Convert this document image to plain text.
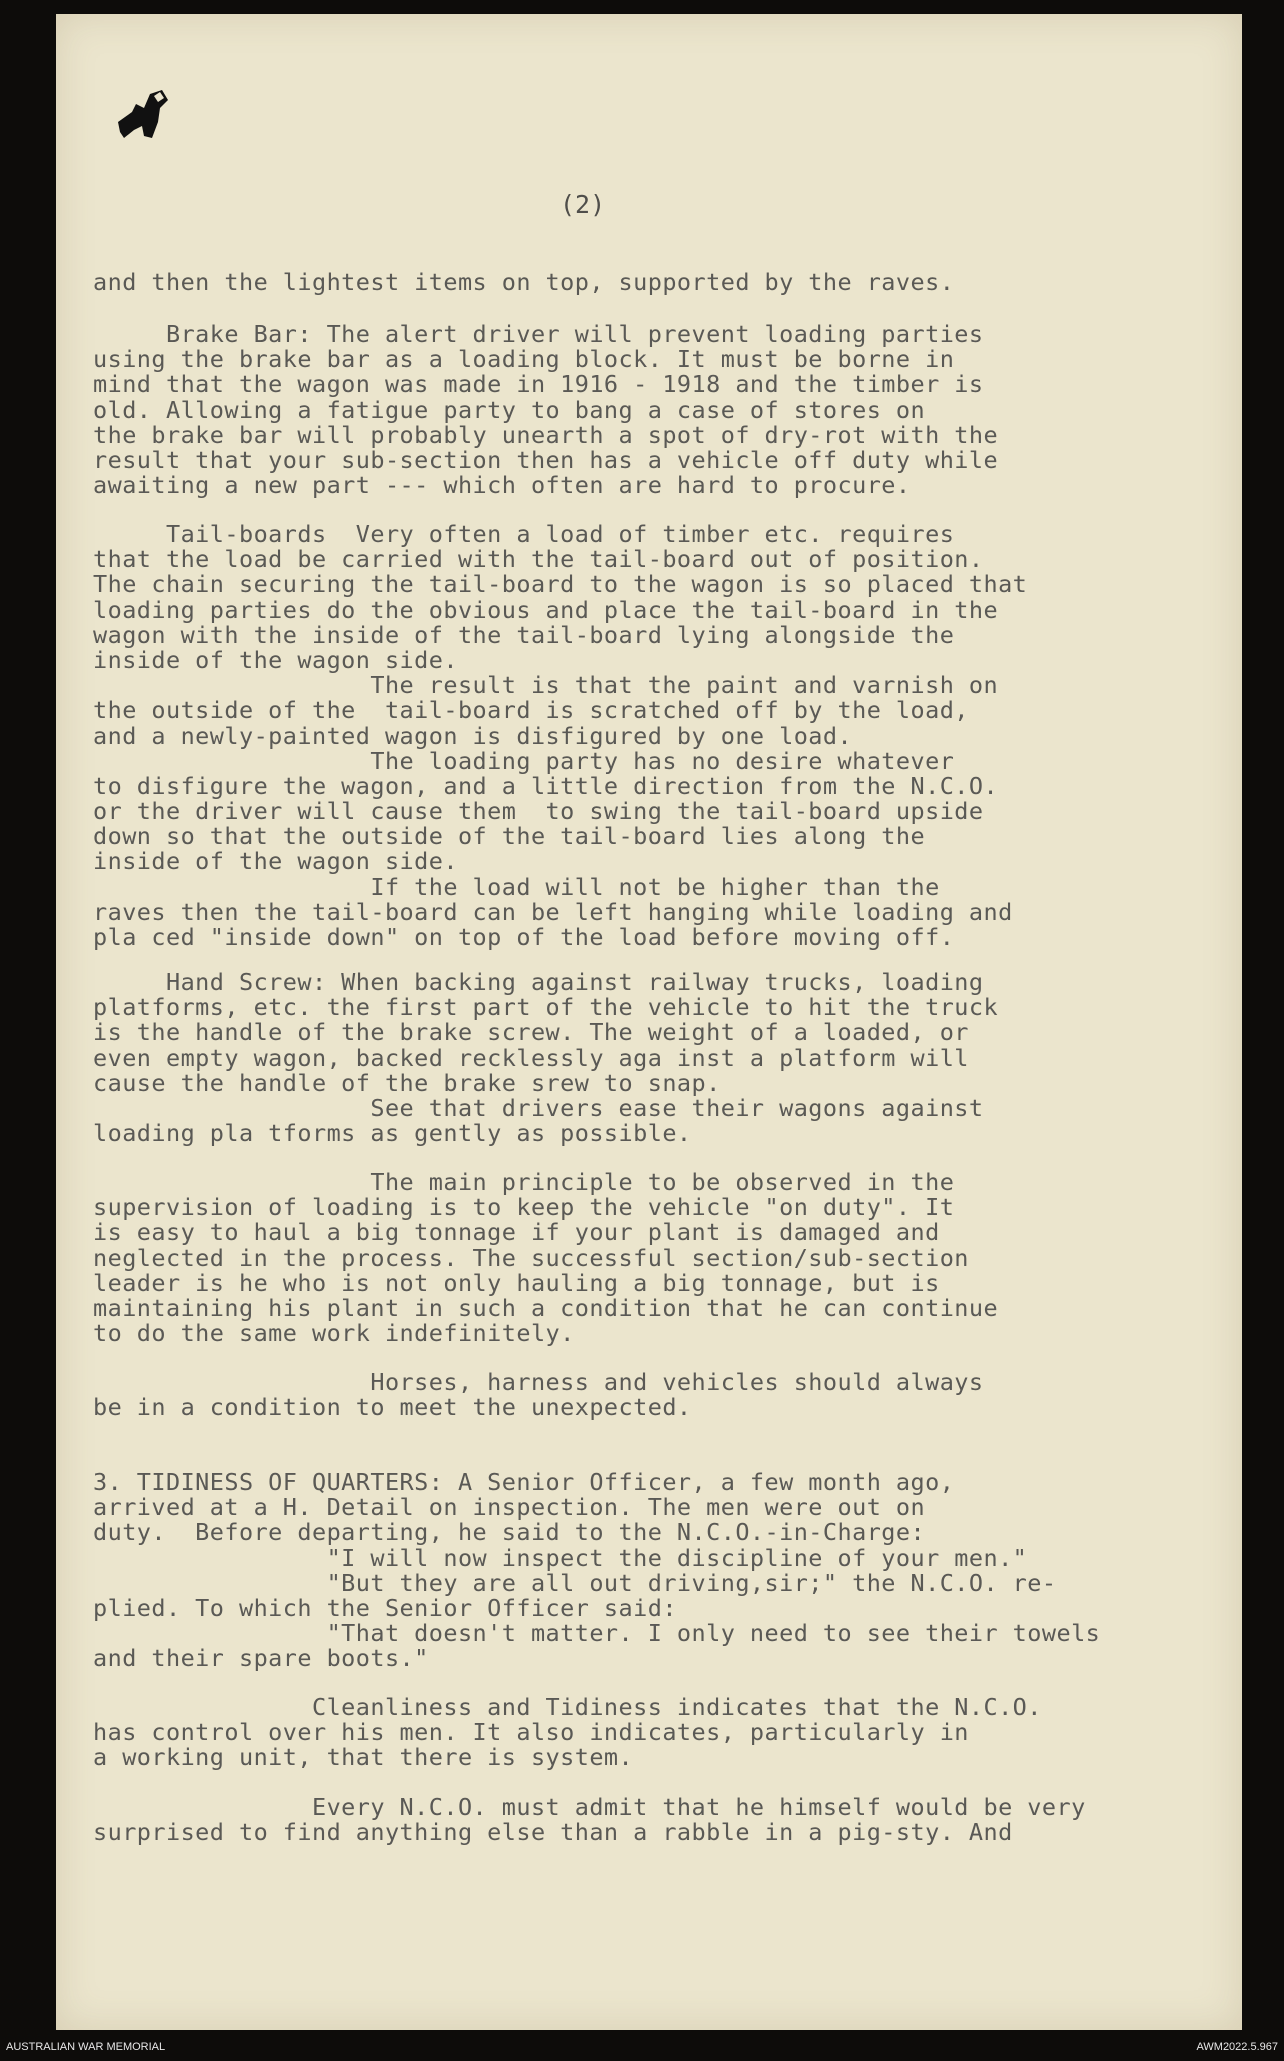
(2)
and then the lightest items on top, supported by the raves.
Brake Bar: The alert driver will prevent loading parties
using the brake bar as a loading block. It must be borne in
mind that the wagon was made in 1916 - 1918 and the timber is
old. Allowing a fatigue party to bang a case of stores on
the brake bar will probably unearth a spot of dry-rot with the
result that your sub-section then has a vehicle off duty while
awaiting a new part --- which often are hard to procure.
Tail-boards  Very often a load of timber etc. requires
that the load be carried with the tail-board out of position.
The chain securing the tail-board to the wagon is so placed that
loading parties do the obvious and place the tail-board in the
wagon with the inside of the tail-board lying alongside the
inside of the wagon side.
The result is that the paint and varnish on
the outside of the  tail-board is scratched off by the load,
and a newly-painted wagon is disfigured by one load.
The loading party has no desire whatever
to disfigure the wagon, and a little direction from the N.C.O.
or the driver will cause them  to swing the tail-board upside
down so that the outside of the tail-board lies along the
inside of the wagon side.
If the load will not be higher than the
raves then the tail-board can be left hanging while loading and
pla ced "inside down" on top of the load before moving off.
Hand Screw: When backing against railway trucks, loading
platforms, etc. the first part of the vehicle to hit the truck
is the handle of the brake screw. The weight of a loaded, or
even empty wagon, backed recklessly aga inst a platform will
cause the handle of the brake srew to snap.
See that drivers ease their wagons against
loading pla tforms as gently as possible.
The main principle to be observed in the
supervision of loading is to keep the vehicle "on duty". It
is easy to haul a big tonnage if your plant is damaged and
neglected in the process. The successful section/sub-section
leader is he who is not only hauling a big tonnage, but is
maintaining his plant in such a condition that he can continue
to do the same work indefinitely.
Horses, harness and vehicles should always
be in a condition to meet the unexpected.
3. TIDINESS OF QUARTERS: A Senior Officer, a few month ago,
arrived at a H. Detail on inspection. The men were out on
duty.  Before departing, he said to the N.C.O.-in-Charge:
"I will now inspect the discipline of your men."
"But they are all out driving,sir;" the N.C.O. re-
plied. To which the Senior Officer said:
"That doesn't matter. I only need to see their towels
and their spare boots."
Cleanliness and Tidiness indicates that the N.C.O.
has control over his men. It also indicates, particularly in
a working unit, that there is system.
Every N.C.O. must admit that he himself would be very
surprised to find anything else than a rabble in a pig-sty. And
AUSTRALIAN WAR MEMORIAL	AWM2022.5.967
